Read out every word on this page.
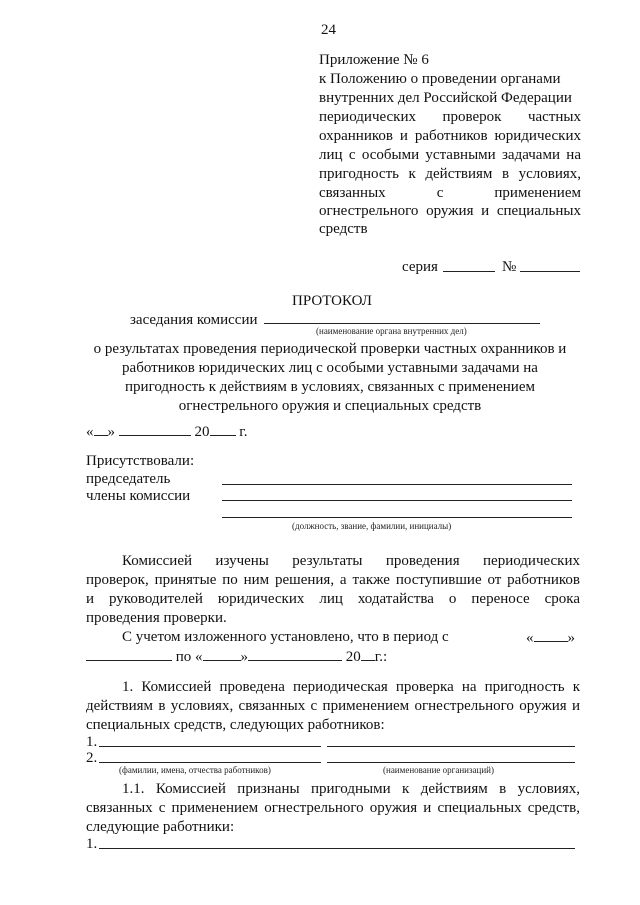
24
Приложение № 6
к Положению о проведении органами
внутренних дел Российской Федерации
периодических проверок частных
охранников и работников юридических
лиц с особыми уставными задачами на
пригодность к действиям в условиях,
связанных с применением
огнестрельного оружия и специальных
средств
серия	№
ПРОТОКОЛ
заседания комиссии
(наименование органа внутренних дел)
о результатах проведения периодической проверки частных охранников и
работников юридических лиц с особыми уставными задачами на
пригодность к действиям в условиях, связанных с применением
огнестрельного оружия и специальных средств
« »	20 г.
Присутствовали:
председатель
члены комиссии
(должность, звание, фамилии, инициалы)
Комиссией изучены результаты проведения периодических
проверок, принятые по ним решения, а также поступившие от работников
и руководителей юридических лиц ходатайства о переносе срока
проведения проверки.
С учетом изложенного установлено, что в период с	« »
по «	»	20 г.:
1. Комиссией проведена периодическая проверка на пригодность к
действиям в условиях, связанных с применением огнестрельного оружия и
специальных средств, следующих работников:
1.
2.
(фамилии, имена, отчества работников)	(наименование организаций)
1.1. Комиссией признаны пригодными к действиям в условиях,
связанных с применением огнестрельного оружия и специальных средств,
следующие работники:
1.
